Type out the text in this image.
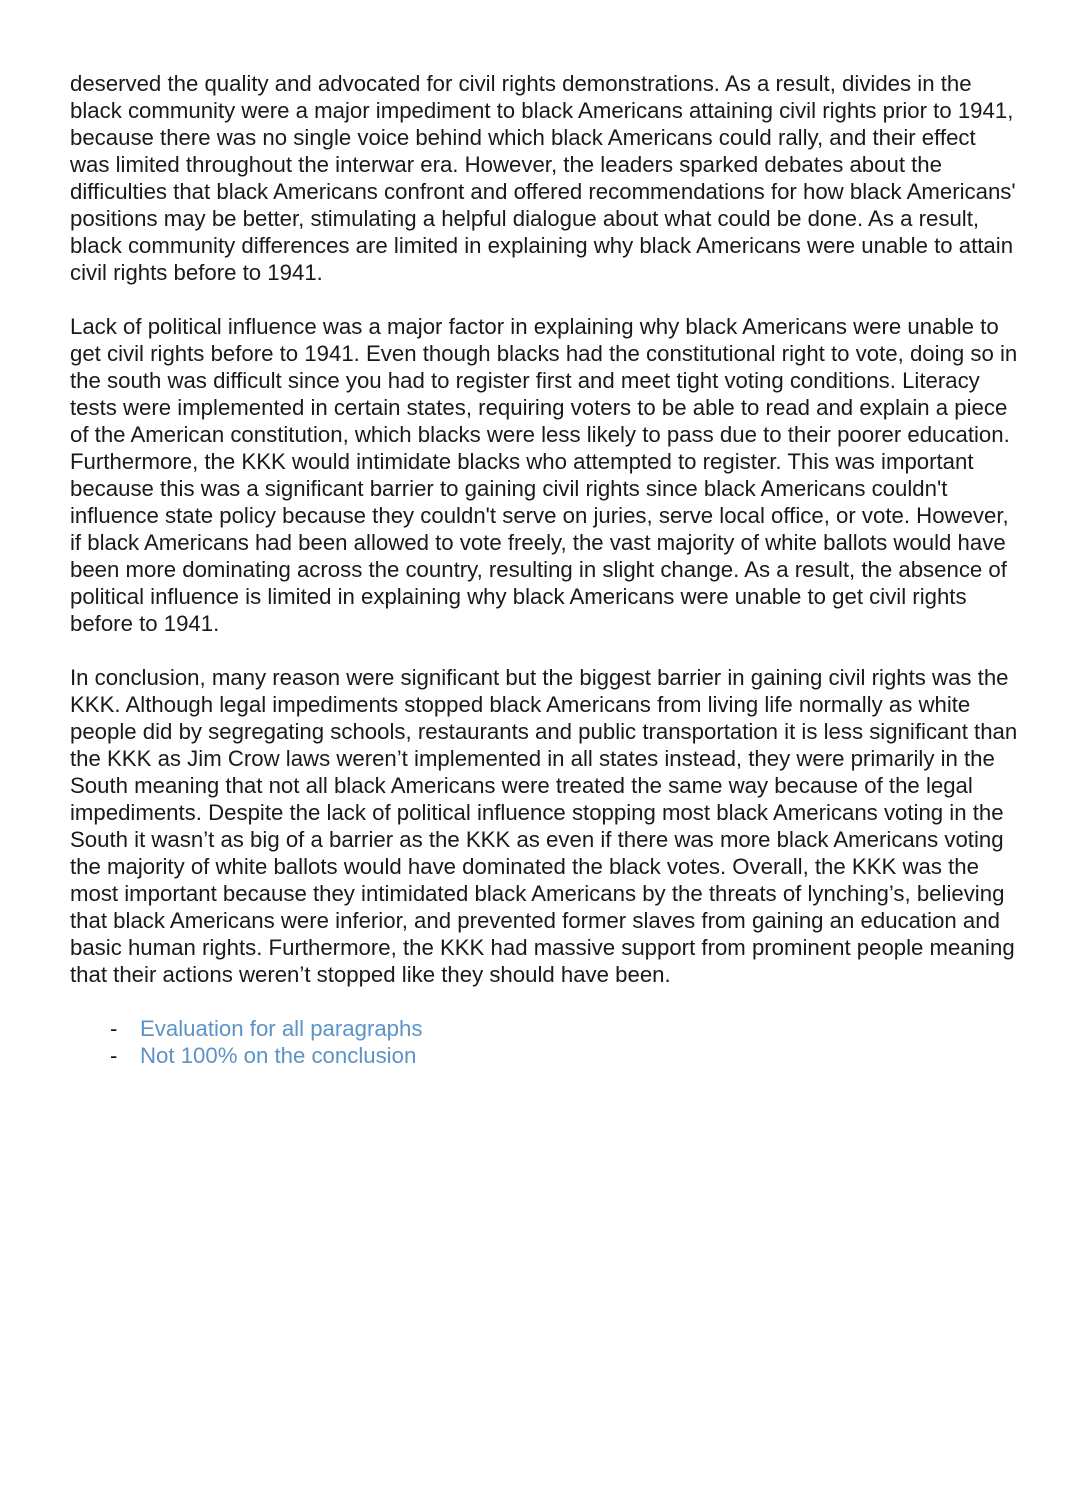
deserved the quality and advocated for civil rights demonstrations. As a result, divides in the black community were a major impediment to black Americans attaining civil rights prior to 1941, because there was no single voice behind which black Americans could rally, and their effect was limited throughout the interwar era. However, the leaders sparked debates about the difficulties that black Americans confront and offered recommendations for how black Americans' positions may be better, stimulating a helpful dialogue about what could be done. As a result, black community differences are limited in explaining why black Americans were unable to attain civil rights before to 1941.

Lack of political influence was a major factor in explaining why black Americans were unable to get civil rights before to 1941. Even though blacks had the constitutional right to vote, doing so in the south was difficult since you had to register first and meet tight voting conditions. Literacy tests were implemented in certain states, requiring voters to be able to read and explain a piece of the American constitution, which blacks were less likely to pass due to their poorer education. Furthermore, the KKK would intimidate blacks who attempted to register. This was important because this was a significant barrier to gaining civil rights since black Americans couldn't influence state policy because they couldn't serve on juries, serve local office, or vote. However, if black Americans had been allowed to vote freely, the vast majority of white ballots would have been more dominating across the country, resulting in slight change. As a result, the absence of political influence is limited in explaining why black Americans were unable to get civil rights before to 1941.

In conclusion, many reason were significant but the biggest barrier in gaining civil rights was the KKK. Although legal impediments stopped black Americans from living life normally as white people did by segregating schools, restaurants and public transportation it is less significant than the KKK as Jim Crow laws weren’t implemented in all states instead, they were primarily in the South meaning that not all black Americans were treated the same way because of the legal impediments. Despite the lack of political influence stopping most black Americans voting in the South it wasn’t as big of a barrier as the KKK as even if there was more black Americans voting the majority of white ballots would have dominated the black votes. Overall, the KKK was the most important because they intimidated black Americans by the threats of lynching’s, believing that black Americans were inferior, and prevented former slaves from gaining an education and basic human rights. Furthermore, the KKK had massive support from prominent people meaning that their actions weren’t stopped like they should have been.

- Evaluation for all paragraphs
- Not 100% on the conclusion
